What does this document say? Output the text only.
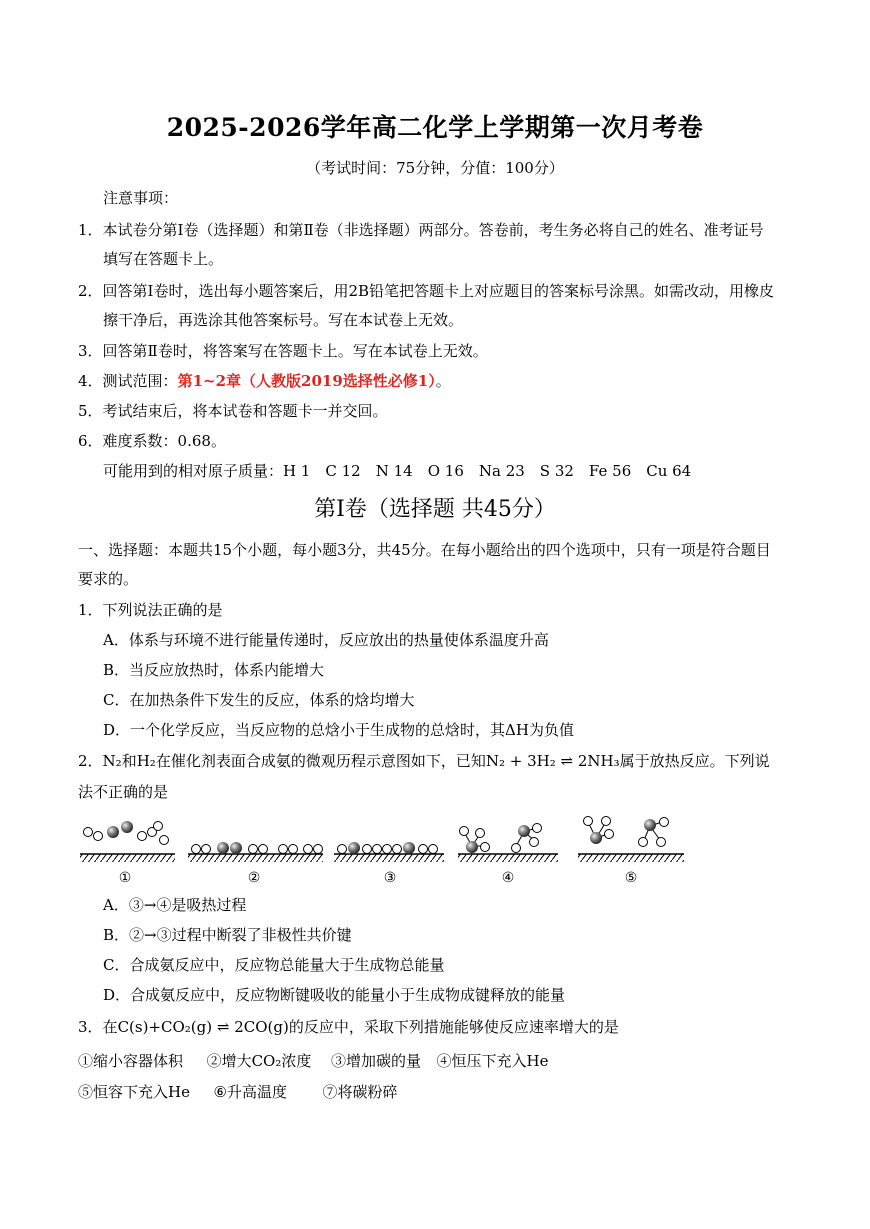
2025-2026学年高二化学上学期第一次月考卷
（考试时间：75分钟，分值：100分）
注意事项：
1．本试卷分第Ⅰ卷（选择题）和第Ⅱ卷（非选择题）两部分。答卷前，考生务必将自己的姓名、准考证号
填写在答题卡上。
2．回答第Ⅰ卷时，选出每小题答案后，用2B铅笔把答题卡上对应题目的答案标号涂黑。如需改动，用橡皮
擦干净后，再选涂其他答案标号。写在本试卷上无效。
3．回答第Ⅱ卷时，将答案写在答题卡上。写在本试卷上无效。
4．测试范围：第1~2章（人教版2019选择性必修1）。
5．考试结束后，将本试卷和答题卡一并交回。
6．难度系数：0.68。
可能用到的相对原子质量：H 1　C 12　N 14　O 16　Na 23　S 32　Fe 56　Cu 64
第Ⅰ卷（选择题 共45分）
一、选择题：本题共15个小题，每小题3分，共45分。在每小题给出的四个选项中，只有一项是符合题目
要求的。
1．下列说法正确的是
A．体系与环境不进行能量传递时，反应放出的热量使体系温度升高
B．当反应放热时，体系内能增大
C．在加热条件下发生的反应，体系的焓均增大
D．一个化学反应，当反应物的总焓小于生成物的总焓时，其ΔH为负值
2．N₂和H₂在催化剂表面合成氨的微观历程示意图如下，已知N₂ + 3H₂ ⇌ 2NH₃属于放热反应。下列说
法不正确的是
①	②	③	④	⑤
A．③→④是吸热过程
B．②→③过程中断裂了非极性共价键
C．合成氨反应中，反应物总能量大于生成物总能量
D．合成氨反应中，反应物断键吸收的能量小于生成物成键释放的能量
3．在C(s)+CO₂(g) ⇌ 2CO(g)的反应中，采取下列措施能够使反应速率增大的是
①缩小容器体积 ②增大CO₂浓度 ③增加碳的量 ④恒压下充入He
⑤恒容下充入He ⑥升高温度 ⑦将碳粉碎
